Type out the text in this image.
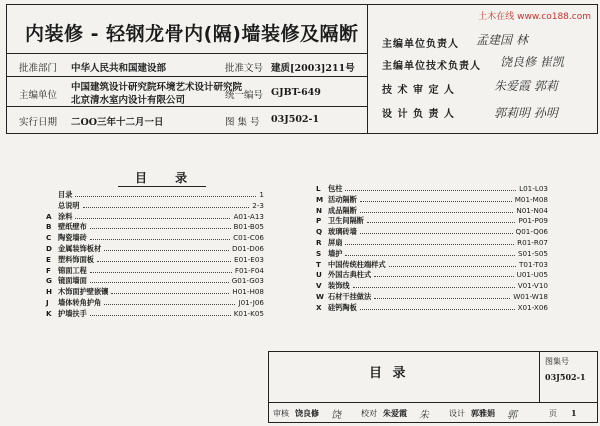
内装修 - 轻钢龙骨内(隔)墙装修及隔断
批准部门 中华人民共和国建设部	批准文号 建质[2003]211号
主编单位
中国建筑设计研究院环境艺术设计研究院
北京清水室内设计有限公司	统一编号 GJBT-649
实行日期 二OO三年十二月一日	图 集 号 03J502-1
土木在线 www.co188.com
主编单位负责人 孟建国 林
主编单位技术负责人 饶良修 崔凯
技 术 审 定 人	朱爱霞 郭莉
设 计 负 责 人	郭莉明 孙明
目 录
目录	1
总说明	2-3
A 涂料	A01-A13
B 壁纸壁布	B01-B05
C 陶瓷墙砖	C01-C06
D 金属装饰板材	D01-D06
E 塑料饰面板	E01-E03
F 锦面工程	F01-F04
G 镜面墙面	G01-G03
H 木饰面护壁嵌镶	H01-H08
J	墙体转角护角	J01-J06
K 护墙扶手	K01-K05
L	包柱	L01-L03
M 活动隔断	M01-M08
N 成品隔断	N01-N04
P 卫生间隔断	P01-P09
Q 玻璃砖墙	Q01-Q06
R 屏扇	R01-R07
S 墙护	S01-S05
T 中国传统柱端样式	T01-T03
U 外国古典柱式	U01-U05
V 装饰线	V01-V10
W 石材干挂做法	W01-W18
X 硅钙陶板	X01-X06
目 录
图集号
03J502-1
审核 饶良修 饶	校对 朱爱霞 朱	设计 郭雅娟 郭	页 1
